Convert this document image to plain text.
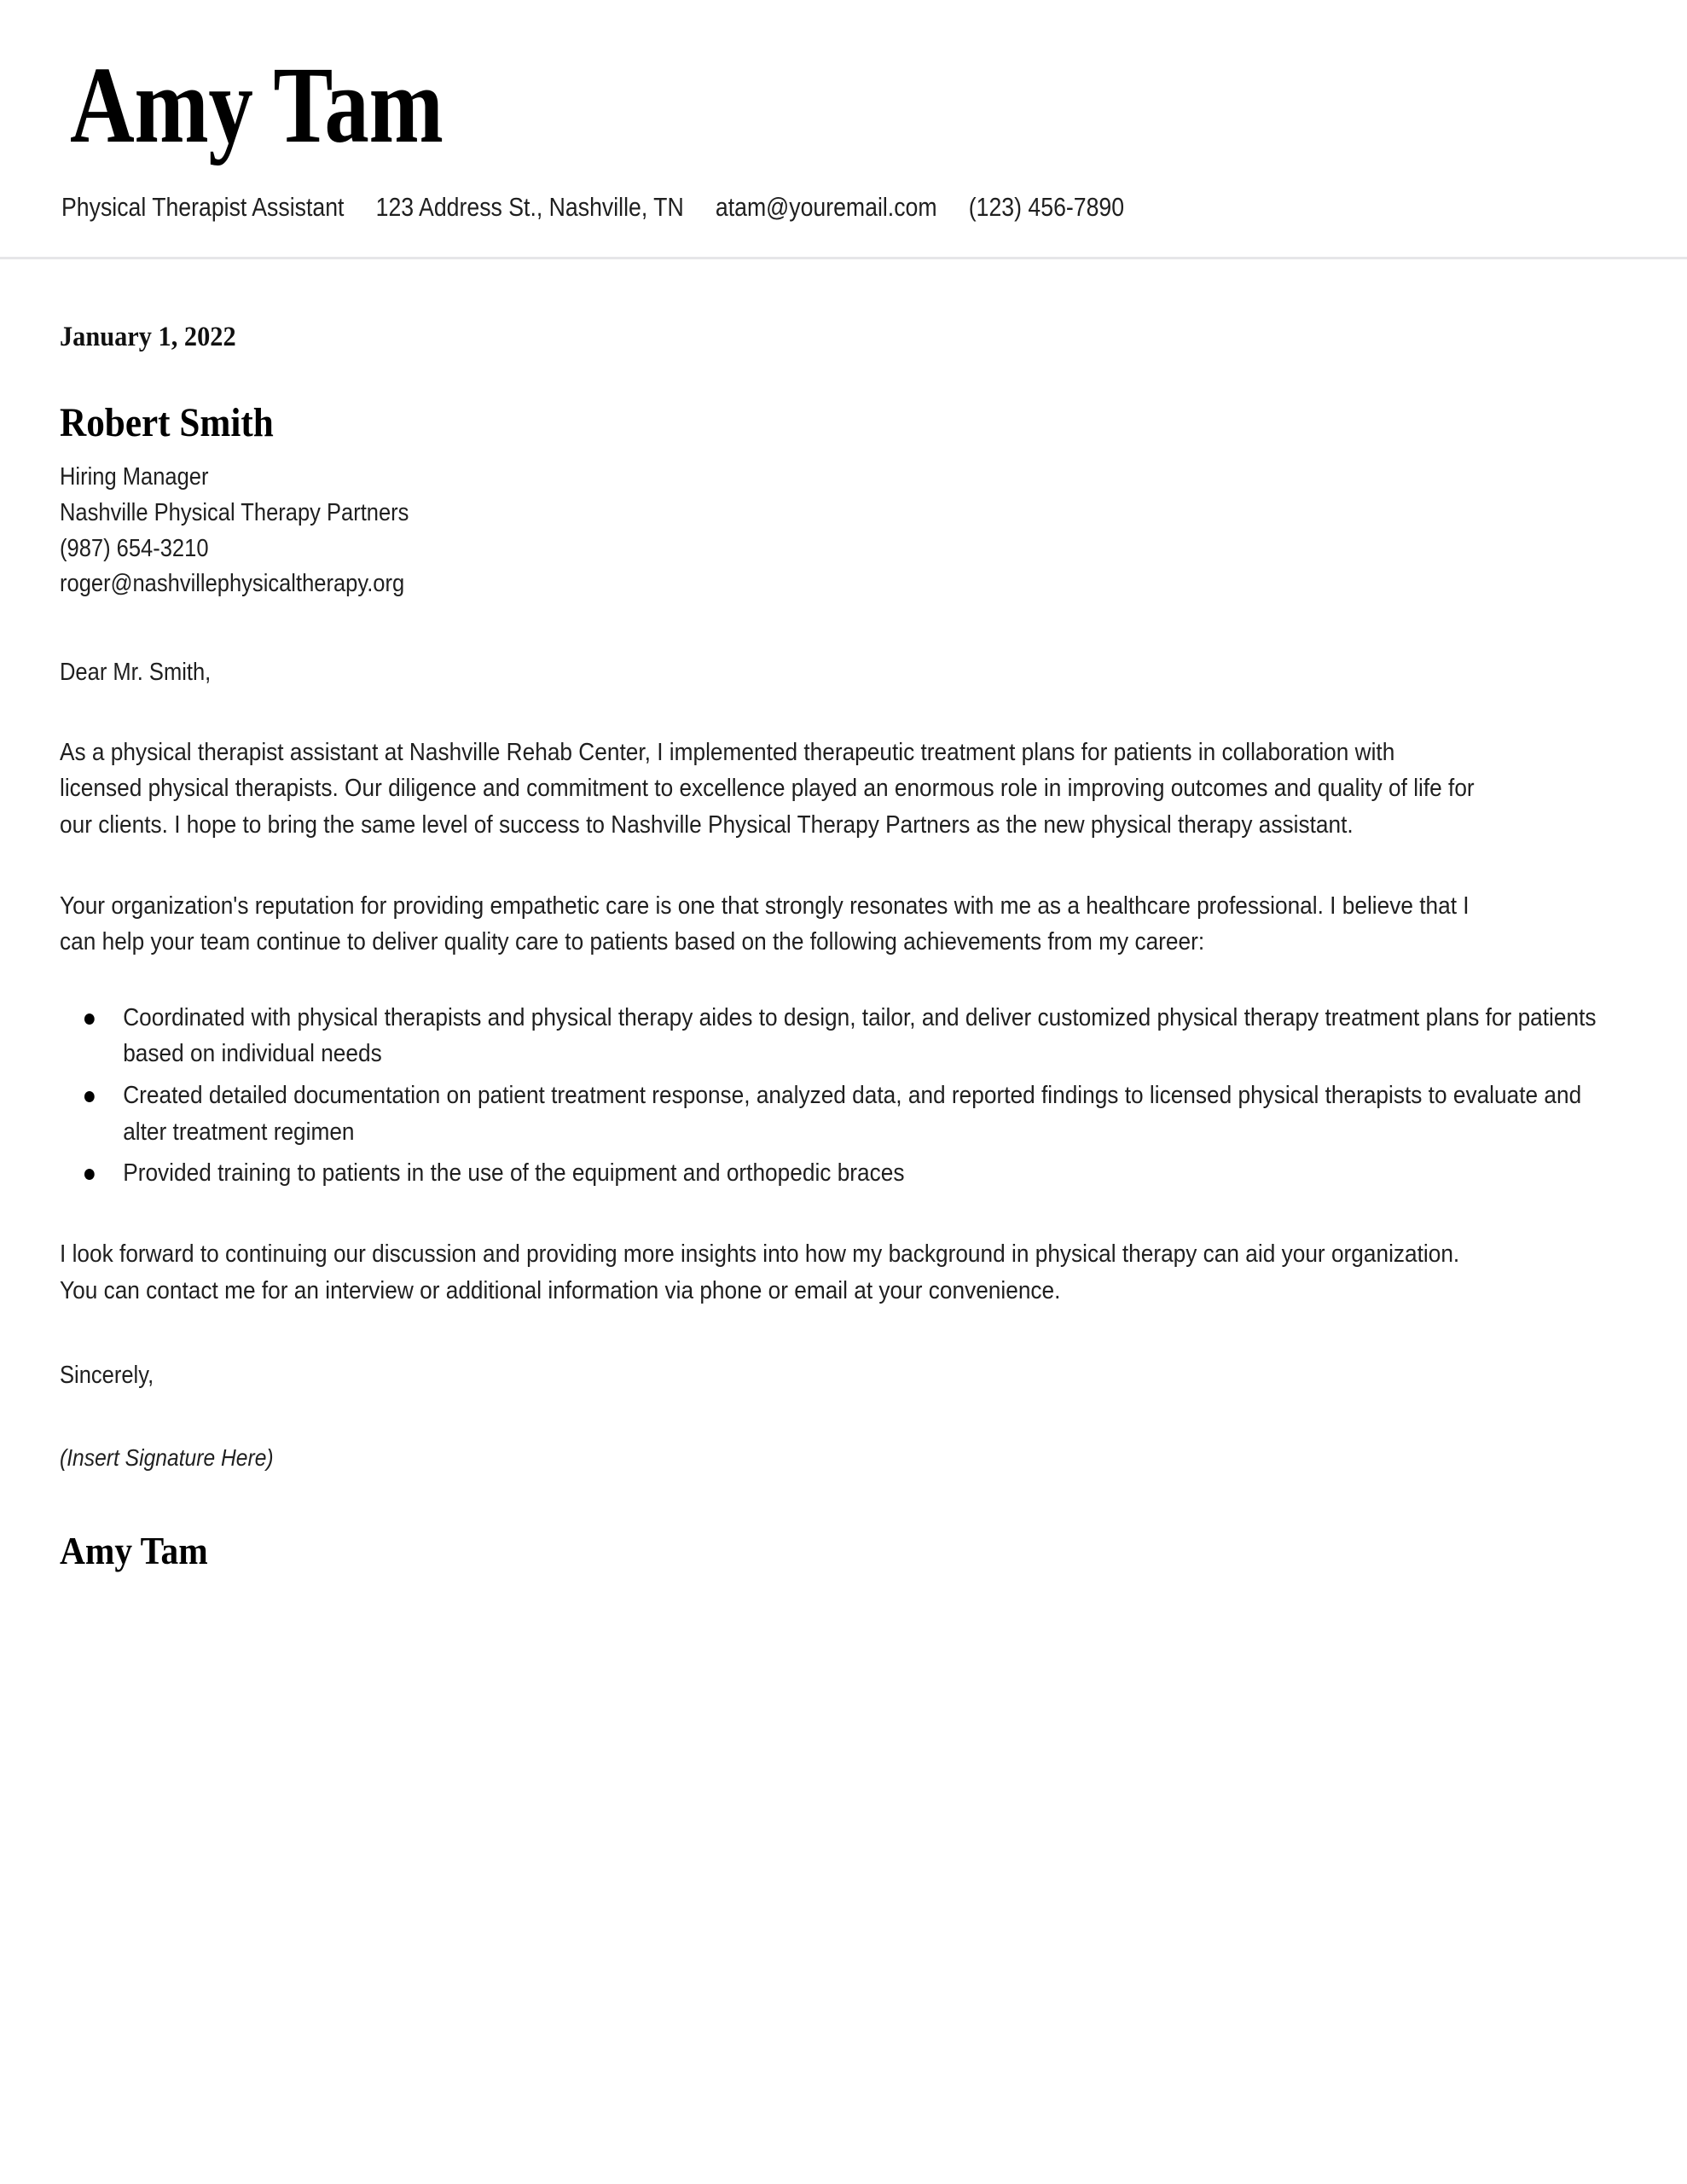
Amy Tam
Physical Therapist Assistant 123 Address St., Nashville, TN atam@youremail.com (123) 456-7890
January 1, 2022
Robert Smith
Hiring Manager
Nashville Physical Therapy Partners
(987) 654-3210
roger@nashvillephysicaltherapy.org
Dear Mr. Smith,

As a physical therapist assistant at Nashville Rehab Center, I implemented therapeutic treatment plans for patients in collaboration with licensed physical therapists. Our diligence and commitment to excellence played an enormous role in improving outcomes and quality of life for our clients. I hope to bring the same level of success to Nashville Physical Therapy Partners as the new physical therapy assistant.

Your organization's reputation for providing empathetic care is one that strongly resonates with me as a healthcare professional. I believe that I can help your team continue to deliver quality care to patients based on the following achievements from my career:

Coordinated with physical therapists and physical therapy aides to design, tailor, and deliver customized physical therapy treatment plans for patients based on individual needs
Created detailed documentation on patient treatment response, analyzed data, and reported findings to licensed physical therapists to evaluate and alter treatment regimen
Provided training to patients in the use of the equipment and orthopedic braces

I look forward to continuing our discussion and providing more insights into how my background in physical therapy can aid your organization. You can contact me for an interview or additional information via phone or email at your convenience.

Sincerely,
(Insert Signature Here)
Amy Tam
